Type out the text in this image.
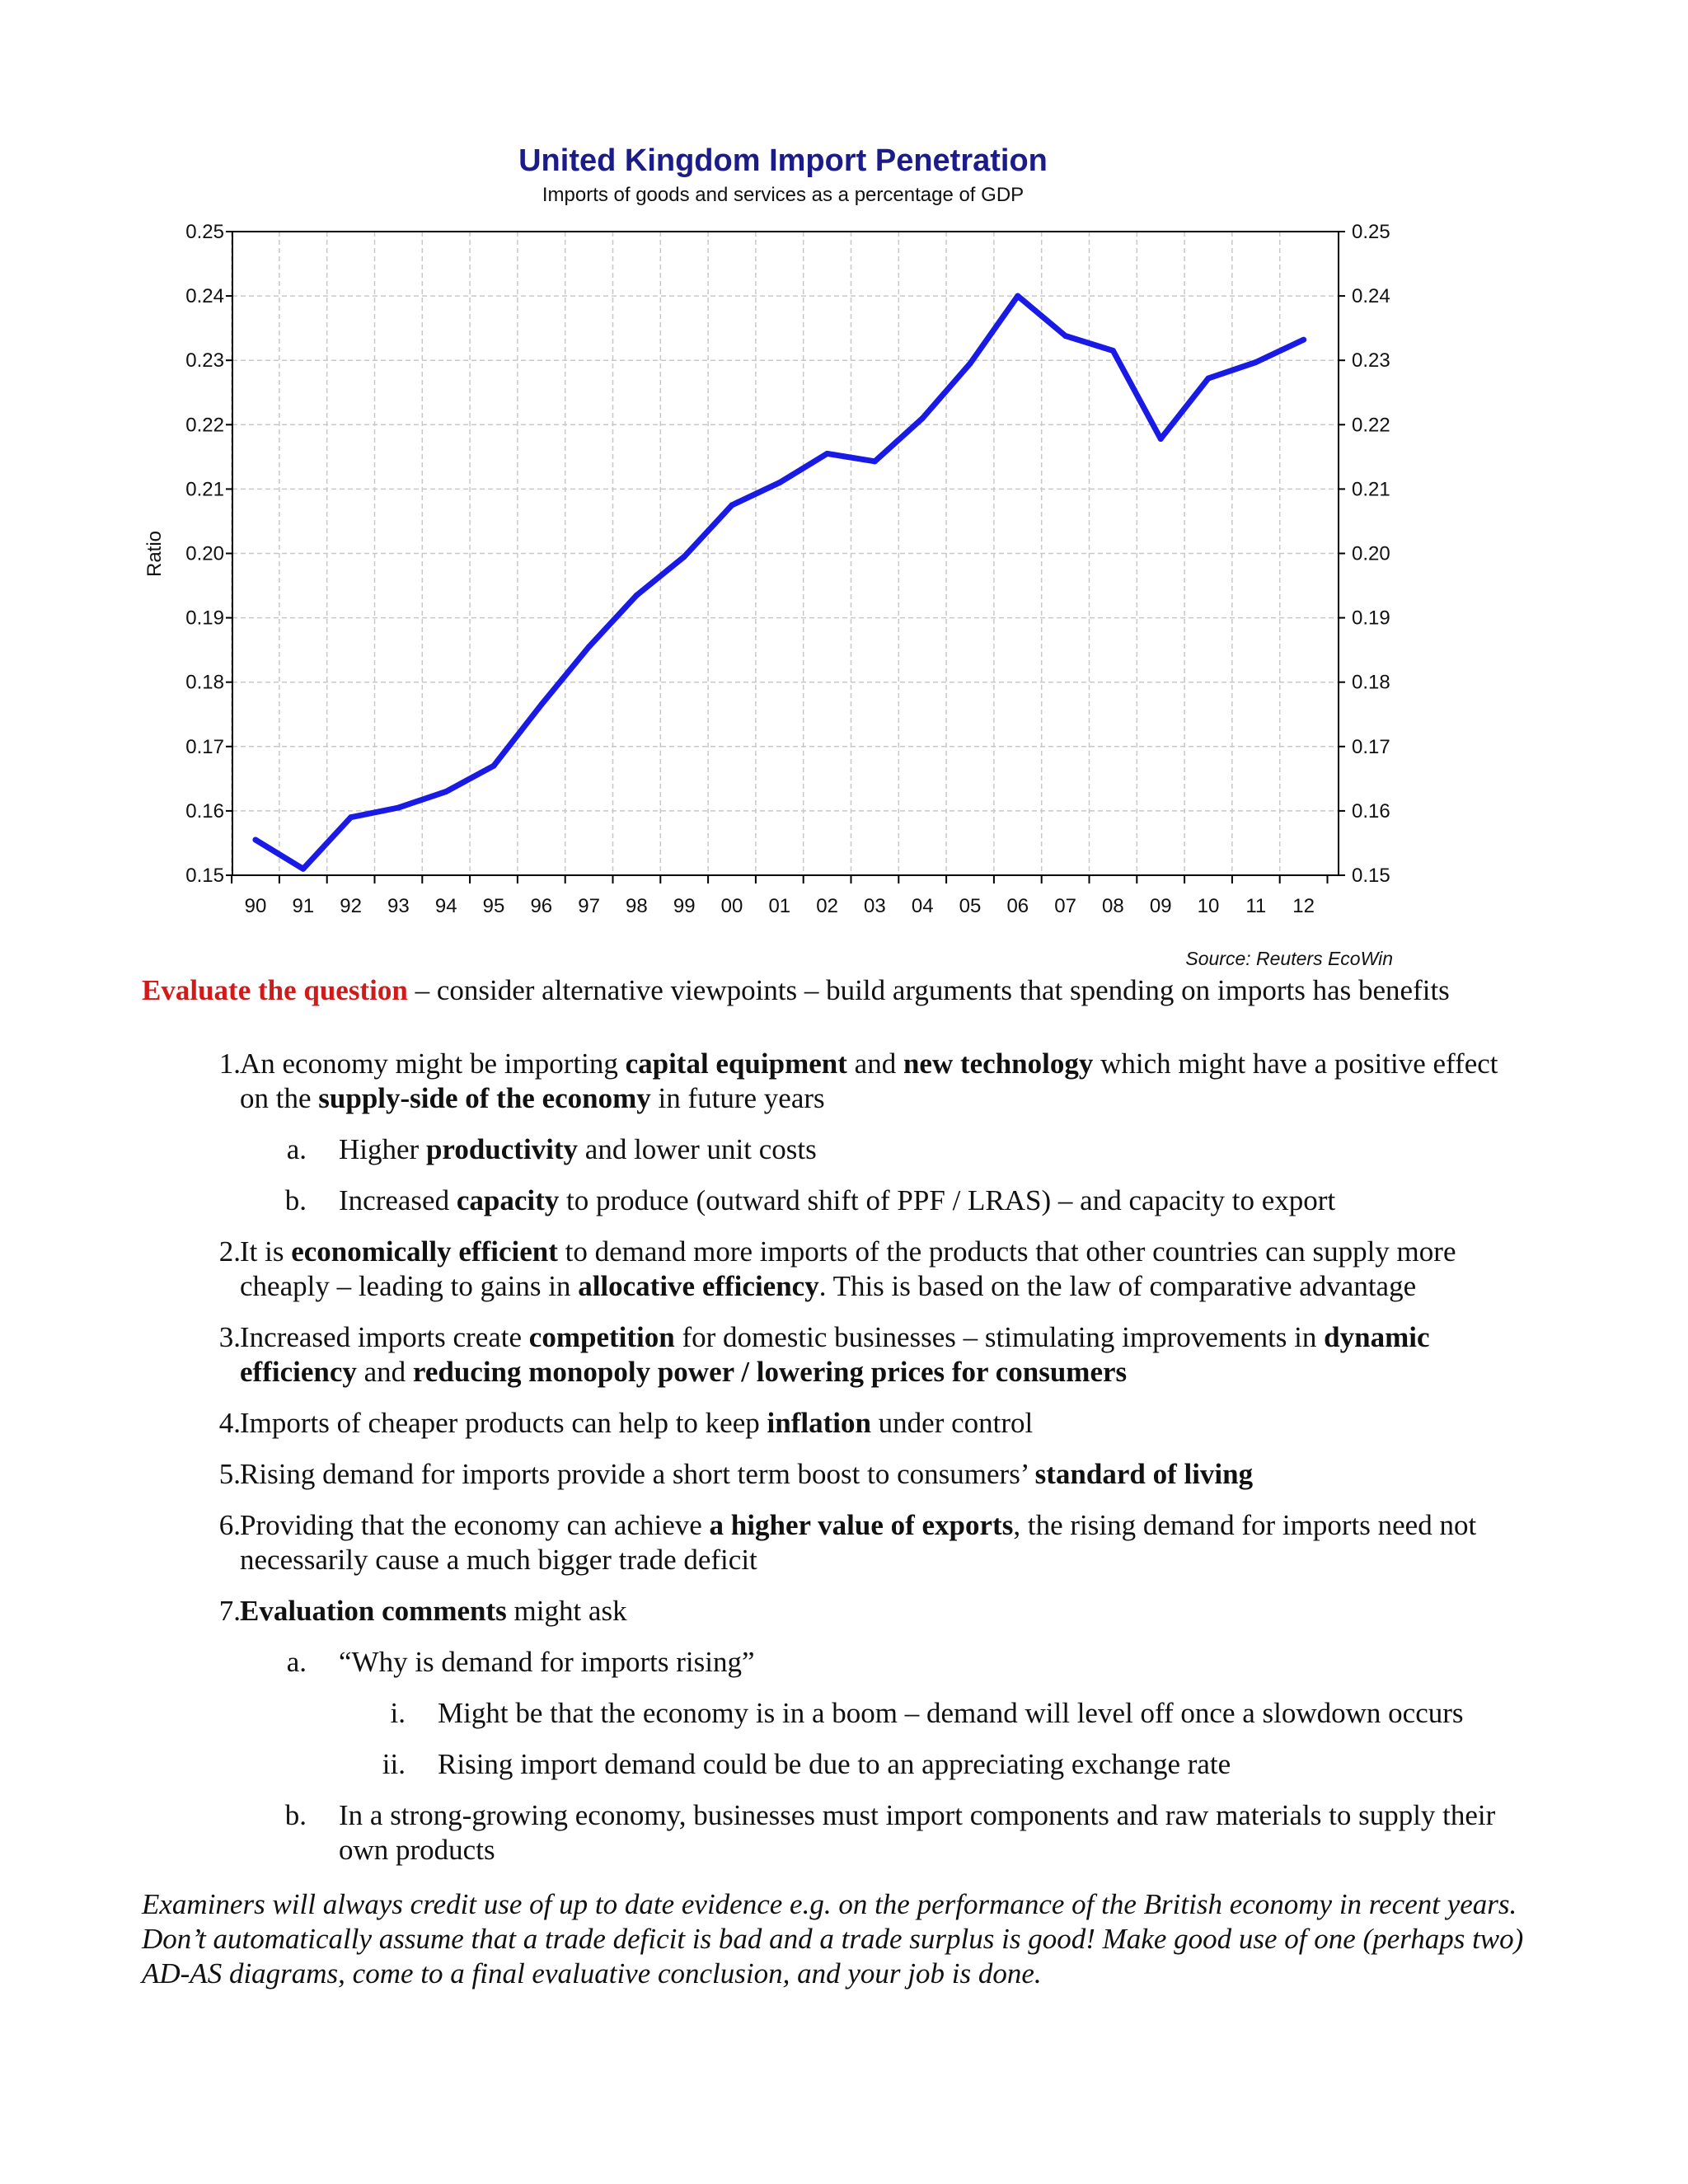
United Kingdom Import Penetration
Imports of goods and services as a percentage of GDP
0.25
0.24
0.23
0.22
0.21
0.20
0.19
0.18
0.17
0.16
0.15
0.25
0.24
0.23
0.22
0.21
0.20
0.19
0.18
0.17
0.16
0.15
90 91 92 93 94 95 96 97 98 99 00 01 02 03 04 05 06 07 08 09 10 11 12
Ratio
Source: Reuters EcoWin
Evaluate the question – consider alternative viewpoints – build arguments that spending on imports has benefits
1. An economy might be importing capital equipment and new technology which might have a positive effect on the supply-side of the economy in future years
a. Higher productivity and lower unit costs
b. Increased capacity to produce (outward shift of PPF / LRAS) – and capacity to export
2. It is economically efficient to demand more imports of the products that other countries can supply more cheaply – leading to gains in allocative efficiency. This is based on the law of comparative advantage
3. Increased imports create competition for domestic businesses – stimulating improvements in dynamic efficiency and reducing monopoly power / lowering prices for consumers
4. Imports of cheaper products can help to keep inflation under control
5. Rising demand for imports provide a short term boost to consumers’ standard of living
6. Providing that the economy can achieve a higher value of exports, the rising demand for imports need not necessarily cause a much bigger trade deficit
7. Evaluation comments might ask
a. “Why is demand for imports rising”
i. Might be that the economy is in a boom – demand will level off once a slowdown occurs
ii. Rising import demand could be due to an appreciating exchange rate
b. In a strong-growing economy, businesses must import components and raw materials to supply their own products
Examiners will always credit use of up to date evidence e.g. on the performance of the British economy in recent years. Don’t automatically assume that a trade deficit is bad and a trade surplus is good! Make good use of one (perhaps two) AD-AS diagrams, come to a final evaluative conclusion, and your job is done.
